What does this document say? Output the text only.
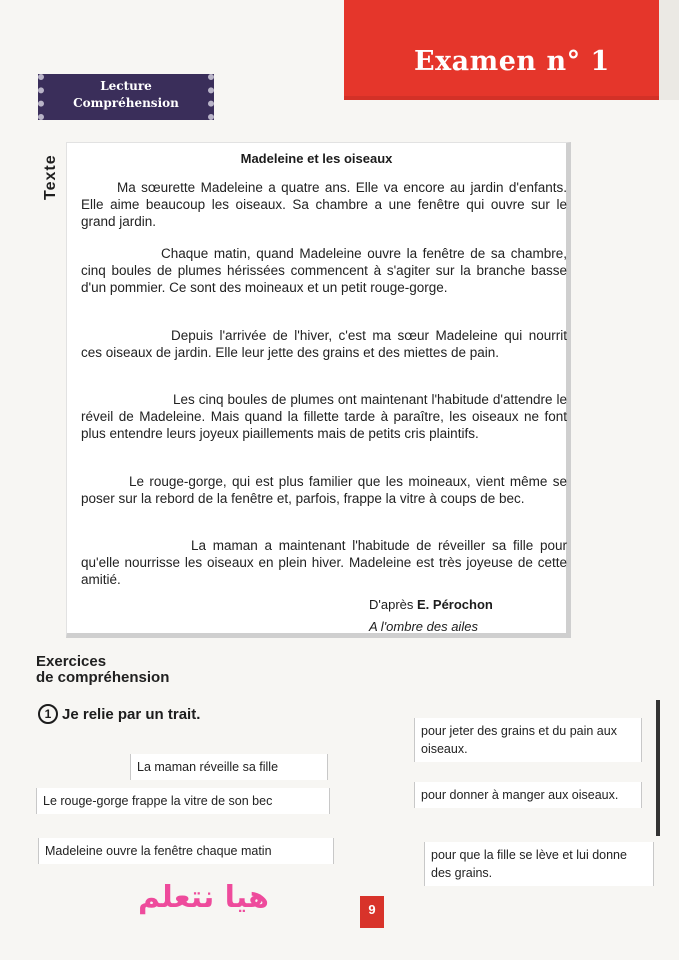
Examen n° 1
Lecture
Compréhension
Texte	Madeleine et les oiseaux

Ma sœurette Madeleine a quatre ans. Elle va encore au jardin d'enfants. Elle aime beaucoup les oiseaux. Sa chambre a une fenêtre qui ouvre sur le grand jardin.

Chaque matin, quand Madeleine ouvre la fenêtre de sa chambre, cinq boules de plumes hérissées commencent à s'agiter sur la branche basse d'un pommier. Ce sont des moineaux et un petit rouge-gorge.

Depuis l'arrivée de l'hiver, c'est ma sœur Madeleine qui nourrit ces oiseaux de jardin. Elle leur jette des grains et des miettes de pain.

Les cinq boules de plumes ont maintenant l'habitude d'attendre le réveil de Madeleine. Mais quand la fillette tarde à paraître, les oiseaux ne font plus entendre leurs joyeux piaillements mais de petits cris plaintifs.

Le rouge-gorge, qui est plus familier que les moineaux, vient même se poser sur la rebord de la fenêtre et, parfois, frappe la vitre à coups de bec.

La maman a maintenant l'habitude de réveiller sa fille pour qu'elle nourrisse les oiseaux en plein hiver. Madeleine est très joyeuse de cette amitié.

D'après E. Pérochon
A l'ombre des ailes
Exercices
de compréhension
1 Je relie par un trait.
La maman réveille sa fille
Le rouge-gorge frappe la vitre de son bec
Madeleine ouvre la fenêtre chaque matin
pour jeter des grains et du pain aux oiseaux.
pour donner à manger aux oiseaux.
pour que la fille se lève et lui donne des grains.
هيا نتعلم	9
